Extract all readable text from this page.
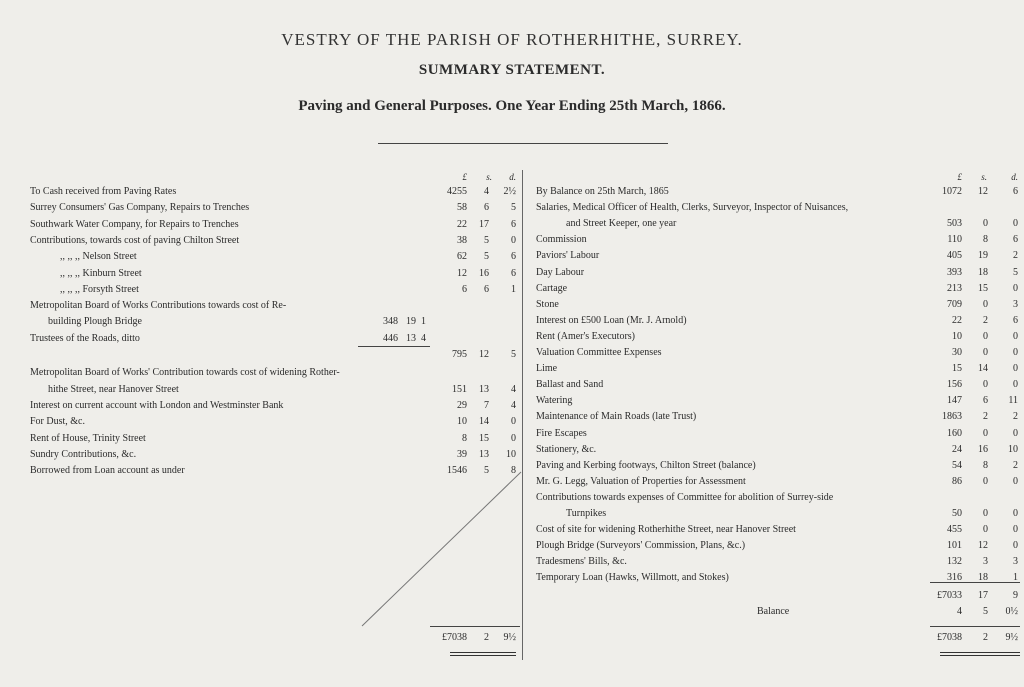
VESTRY OF THE PARISH OF ROTHERHITHE, SURREY.
SUMMARY STATEMENT.
Paving and General Purposes. One Year Ending 25th March, 1866.
£	s.	d.	£	s.	d.
To Cash received from Paving Rates	4255	4	2½
Surrey Consumers' Gas Company, Repairs to Trenches	58	6	5
Southwark Water Company, for Repairs to Trenches	22	17	6
Contributions, towards cost of paving Chilton Street	38	5	0
,, ,, ,, Nelson Street	62	5	6
,, ,, ,, Kinburn Street	12	16	6
,, ,, ,, Forsyth Street	6	6	1
Metropolitan Board of Works Contributions towards cost of Re-
building Plough Bridge	348 19 1
Trustees of the Roads, ditto	446 13 4
795	12	5
Metropolitan Board of Works' Contribution towards cost of widening Rother-
hithe Street, near Hanover Street	151	13	4
Interest on current account with London and Westminster Bank	29	7	4
For Dust, &c.	10	14	0
Rent of House, Trinity Street	8	15	0
Sundry Contributions, &c.	39	13	10
Borrowed from Loan account as under	1546	5	8
£7038	2	9½
By Balance on 25th March, 1865	1072	12	6
Salaries, Medical Officer of Health, Clerks, Surveyor, Inspector of Nuisances,
and Street Keeper, one year	503	0	0
Commission	110	8	6
Paviors' Labour	405	19	2
Day Labour	393	18	5
Cartage	213	15	0
Stone	709	0	3
Interest on £500 Loan (Mr. J. Arnold)	22	2	6
Rent (Amer's Executors)	10	0	0
Valuation Committee Expenses	30	0	0
Lime	15	14	0
Ballast and Sand	156	0	0
Watering	147	6	11
Maintenance of Main Roads (late Trust)	1863	2	2
Fire Escapes	160	0	0
Stationery, &c.	24	16	10
Paving and Kerbing footways, Chilton Street (balance)	54	8	2
Mr. G. Legg, Valuation of Properties for Assessment	86	0	0
Contributions towards expenses of Committee for abolition of Surrey-side
Turnpikes	50	0	0
Cost of site for widening Rotherhithe Street, near Hanover Street	455	0	0
Plough Bridge (Surveyors' Commission, Plans, &c.)	101	12	0
Tradesmens' Bills, &c.	132	3	3
Temporary Loan (Hawks, Willmott, and Stokes)	316	18	1
£7033	17	9
Balance	4	5	0½
£7038	2	9½
